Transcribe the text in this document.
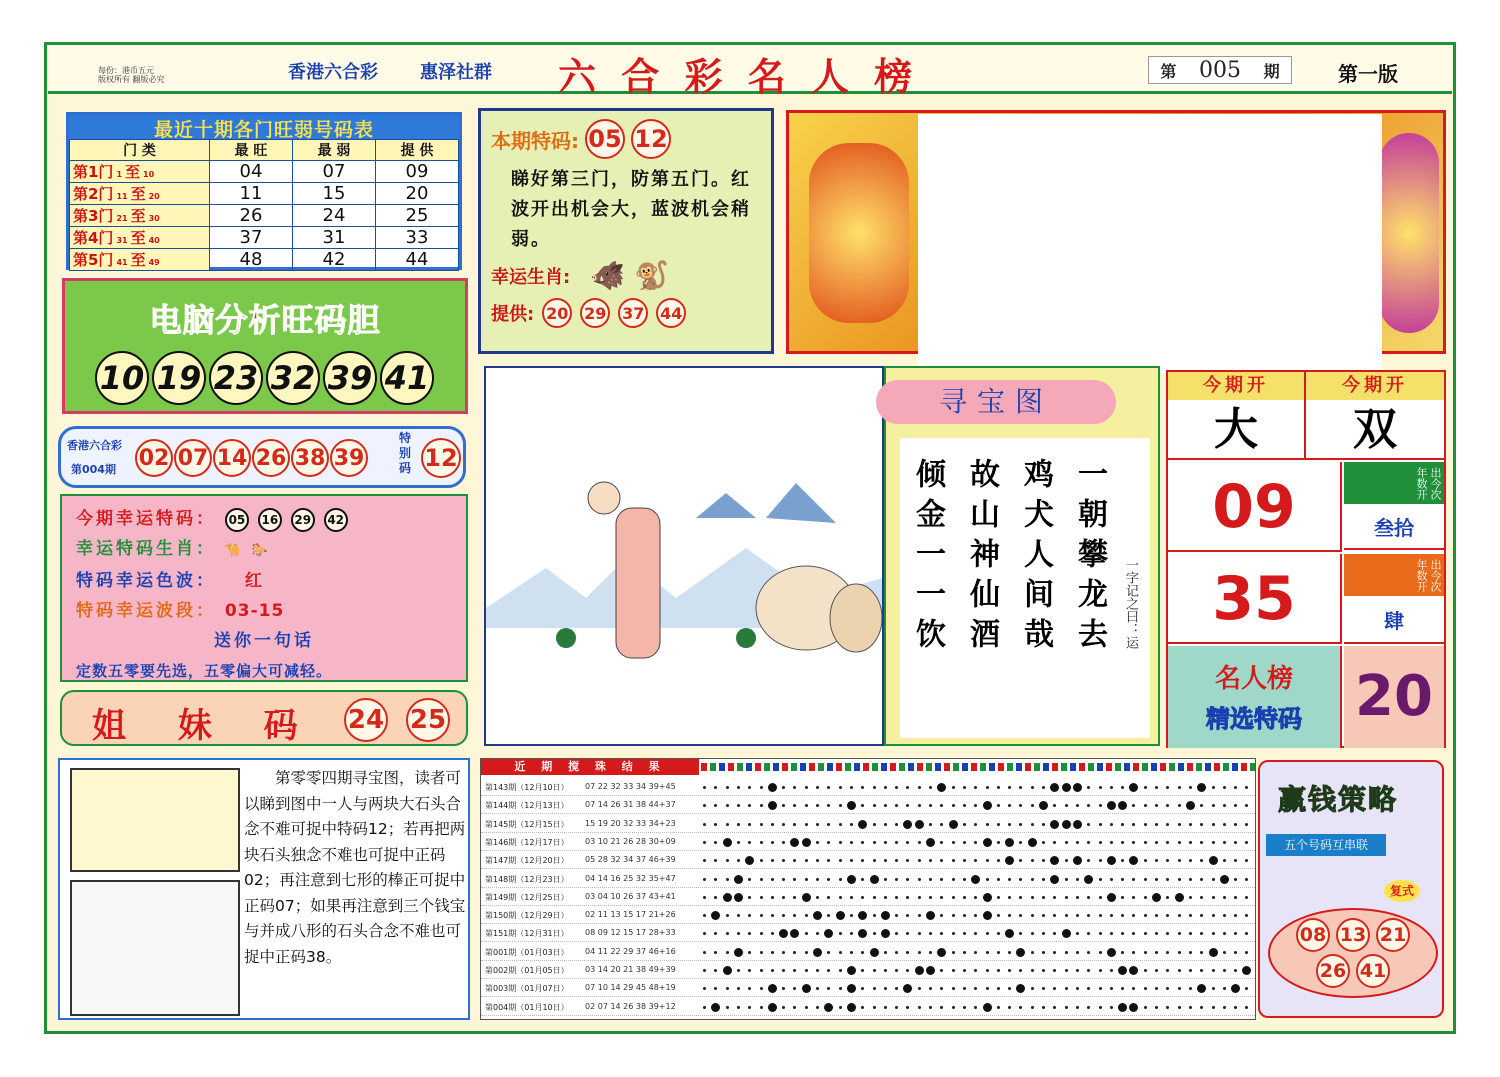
每份：港币五元
版权所有 翻版必究	香港六合彩 惠泽社群 六 合 彩 名 人 榜	第 005 期	第一版
最近十期各门旺弱号码表
门 类	最 旺	最 弱	提 供
第1门 1 至 10	04	07	09
第2门 11 至 20	11	15	20
第3门 21 至 30	26	24	25
第4门 31 至 40	37	31	33
第5门 41 至 49	48	42	44
电脑分析旺码胆
10 19 23 32 39 41
香港六合彩
第004期 02 07 14 26 38 39
特别码 12
今期幸运特码： 05 16 29 42
幸运特码生肖： 🐪 🐎
特码幸运色波： 红
特码幸运波段： 03-15
送你一句话
定数五零要先选，五零偏大可减轻。
姐 妹 码 24 25
本期特码: 05 12
睇好第三门，防第五门。红波开出机会大，蓝波机会稍弱。
幸运生肖: 🐗 🐒
提供: 20 29 37 44
寻宝图
一字记之曰：运
一朝攀龙去
鸡犬人间哉
故山神仙酒
倾金一一饮
今期开	今期开
大	双
09	出今次年数开
叁拾
35	出今次年数开
肆
名人榜
精选特码 20
第零零四期寻宝图，读者可以睇到图中一人与两块大石头合念不难可捉中特码12；若再把两块石头独念不难也可捉中正码02；再注意到七形的棒正可捉中正码07；如果再注意到三个钱宝与并成八形的石头合念不难也可捉中正码38。
近 期 搅 珠 结 果
第143期（12月10日） 07 22 32 33 34 39+45
第144期（12月13日） 07 14 26 31 38 44+37
第145期（12月15日） 15 19 20 32 33 34+23
第146期（12月17日） 03 10 21 26 28 30+09
第147期（12月20日） 05 28 32 34 37 46+39
第148期（12月23日） 04 14 16 25 32 35+47
第149期（12月25日） 03 04 10 26 37 43+41
第150期（12月29日） 02 11 13 15 17 21+26
第151期（12月31日） 08 09 12 15 17 28+33
第001期（01月03日） 04 11 22 29 37 46+16
第002期（01月05日） 03 14 20 21 38 49+39
第003期（01月07日） 07 10 14 29 45 48+19
第004期（01月10日） 02 07 14 26 38 39+12
赢钱策略
五个号码互串联
复式
08 13 21
26 41
